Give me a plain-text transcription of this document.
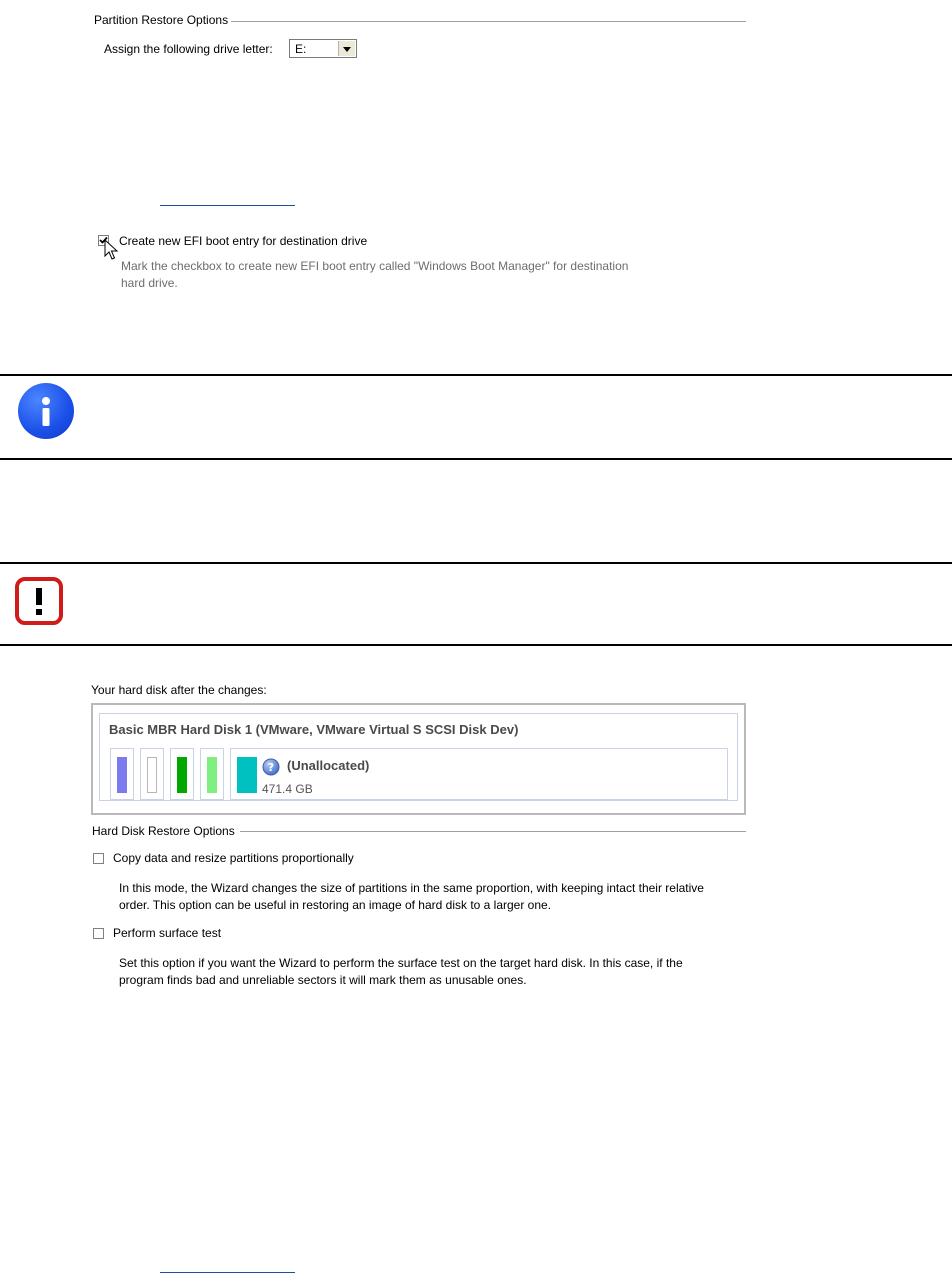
Partition Restore Options
Assign the following drive letter: E:
Create new EFI boot entry for destination drive
Mark the checkbox to create new EFI boot entry called "Windows Boot Manager" for destination
hard drive.
Your hard disk after the changes:
Basic MBR Hard Disk 1 (VMware, VMware Virtual S SCSI Disk Dev)
? (Unallocated)
471.4 GB
Hard Disk Restore Options
Copy data and resize partitions proportionally
In this mode, the Wizard changes the size of partitions in the same proportion, with keeping intact their relative
order. This option can be useful in restoring an image of hard disk to a larger one.
Perform surface test
Set this option if you want the Wizard to perform the surface test on the target hard disk. In this case, if the
program finds bad and unreliable sectors it will mark them as unusable ones.
